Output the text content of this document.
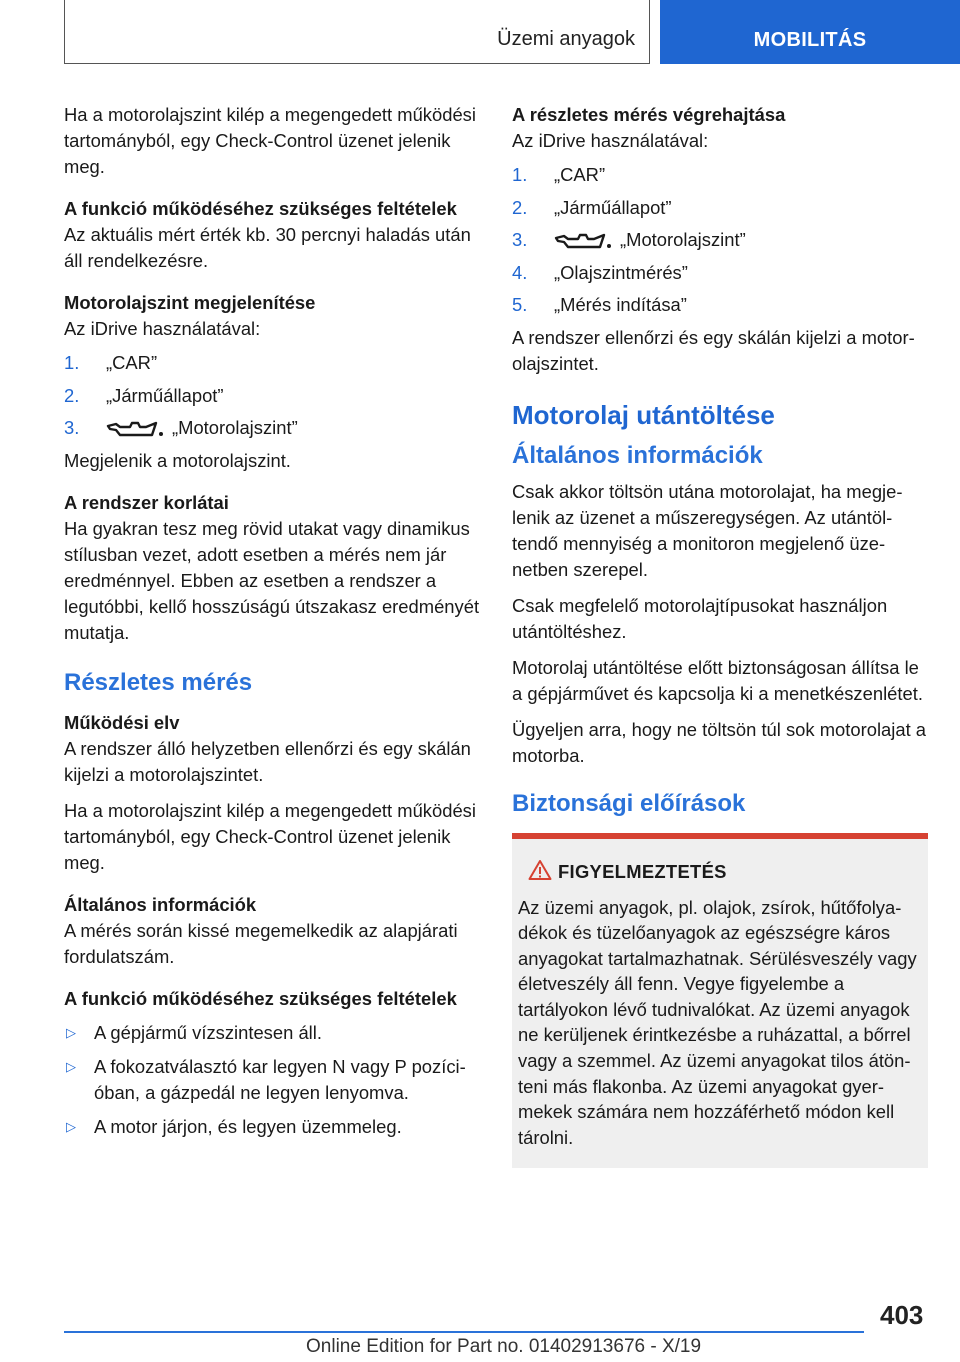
Üzemi anyagok	MOBILITÁS

Ha a motorolajszint kilép a megengedett működési tartományból, egy Check-Control üzenet jelenik meg.

A funkció működéséhez szükséges feltételek

Az aktuális mért érték kb. 30 percnyi haladás után áll rendelkezésre.

Motorolajszint megjelenítése

Az iDrive használatával:

1. „CAR”
2. „Járműállapot”
3.	„Motorolajszint”

Megjelenik a motorolajszint.

A rendszer korlátai

Ha gyakran tesz meg rövid utakat vagy dinamikus stílusban vezet, adott esetben a mérés nem jár eredménnyel. Ebben az esetben a rendszer a legutóbbi, kellő hosszúságú útszakasz eredményét mutatja.

Részletes mérés
Működési elv

A rendszer álló helyzetben ellenőrzi és egy skálán kijelzi a motorolajszintet.

Ha a motorolajszint kilép a megengedett működési tartományból, egy Check-Control üzenet jelenik meg.

Általános információk

A mérés során kissé megemelkedik az alapjárati fordulatszám.

A funkció működéséhez szükséges feltételek
▷ A gépjármű vízszintesen áll.
▷ A fokozatválasztó kar legyen N vagy P pozícióban, a gázpedál ne legyen lenyomva.
▷ A motor járjon, és legyen üzemmeleg.
A részletes mérés végrehajtása

Az iDrive használatával:

1. „CAR”
2. „Járműállapot”
3.	„Motorolajszint”
4. „Olajszintmérés”
5. „Mérés indítása”

A rendszer ellenőrzi és egy skálán kijelzi a motorolajszintet.

Motorolaj utántöltése
Általános információk

Csak akkor töltsön utána motorolajat, ha megjelenik az üzenet a műszeregységen. Az utántöltendő mennyiség a monitoron megjelenő üzenetben szerepel.

Csak megfelelő motorolajtípusokat használjon utántöltéshez.

Motorolaj utántöltése előtt biztonságosan állítsa le a gépjárművet és kapcsolja ki a menetkészenlétet.

Ügyeljen arra, hogy ne töltsön túl sok motorolajat a motorba.

Biztonsági előírások
FIGYELMEZTETÉS
Az üzemi anyagok, pl. olajok, zsírok, hűtőfolyadékok és tüzelőanyagok az egészségre káros anyagokat tartalmazhatnak. Sérülésveszély vagy életveszély áll fenn. Vegye figyelembe a tartályokon lévő tudnivalókat. Az üzemi anyagok ne kerüljenek érintkezésbe a ruházattal, a bőrrel vagy a szemmel. Az üzemi anyagokat tilos átönteni más flakonba. Az üzemi anyagokat gyermekek számára nem hozzáférhető módon kell tárolni.
403
Online Edition for Part no. 01402913676 - X/19
